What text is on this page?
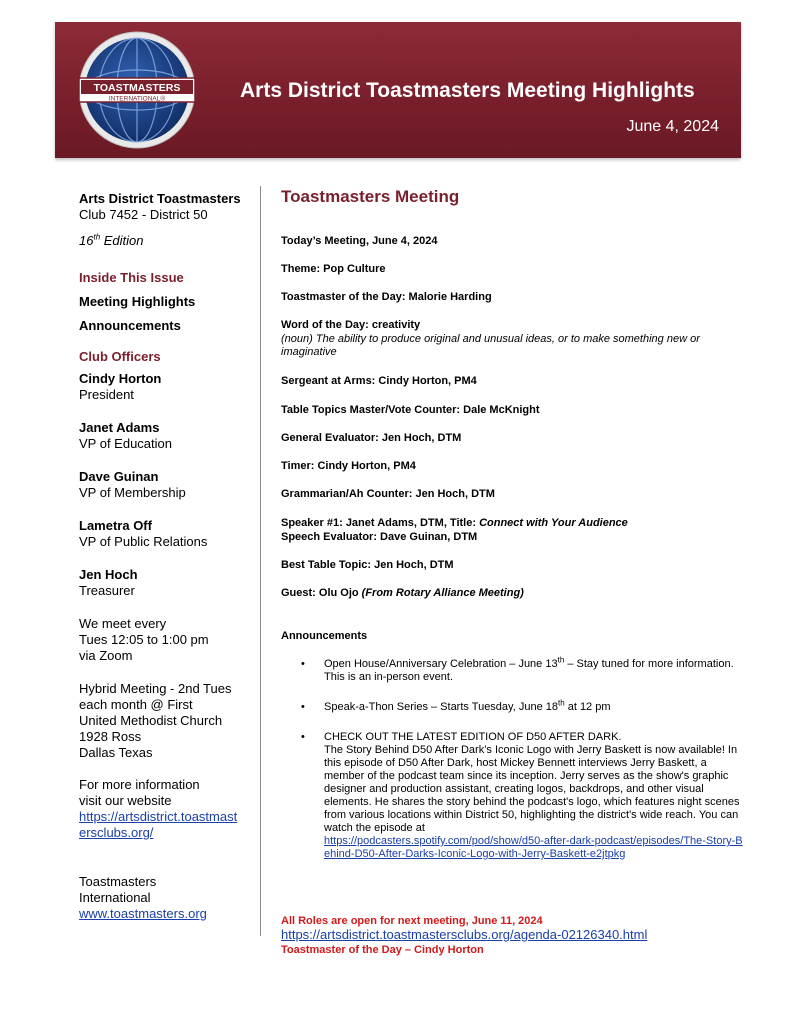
TOASTMASTERS
INTERNATIONAL®	Arts District Toastmasters Meeting Highlights
June 4, 2024
Arts District Toastmasters
Club 7452 - District 50
16th Edition
Inside This Issue
Meeting Highlights
Announcements
Club Officers
Cindy Horton
President
Janet Adams
VP of Education
Dave Guinan
VP of Membership
Lametra Off
VP of Public Relations
Jen Hoch
Treasurer
We meet every
Tues 12:05 to 1:00 pm
via Zoom
Hybrid Meeting - 2nd Tues
each month @ First
United Methodist Church
1928 Ross
Dallas Texas
For more information
visit our website
https://artsdistrict.toastmastersclubs.org/
Toastmasters International
www.toastmasters.org
Toastmasters Meeting
Today’s Meeting, June 4, 2024
Theme: Pop Culture
Toastmaster of the Day: Malorie Harding
Word of the Day: creativity
(noun) The ability to produce original and unusual ideas, or to make something new or imaginative
Sergeant at Arms: Cindy Horton, PM4
Table Topics Master/Vote Counter: Dale McKnight
General Evaluator: Jen Hoch, DTM
Timer: Cindy Horton, PM4
Grammarian/Ah Counter: Jen Hoch, DTM
Speaker #1: Janet Adams, DTM, Title: Connect with Your Audience
Speech Evaluator: Dave Guinan, DTM
Best Table Topic: Jen Hoch, DTM
Guest: Olu Ojo (From Rotary Alliance Meeting)
Announcements
• Open House/Anniversary Celebration – June 13th – Stay tuned for more information. This is an in-person event.
• Speak-a-Thon Series – Starts Tuesday, June 18th at 12 pm
• CHECK OUT THE LATEST EDITION OF D50 AFTER DARK.
The Story Behind D50 After Dark’s Iconic Logo with Jerry Baskett is now available! In this episode of D50 After Dark, host Mickey Bennett interviews Jerry Baskett, a member of the podcast team since its inception. Jerry serves as the show's graphic designer and production assistant, creating logos, backdrops, and other visual elements. He shares the story behind the podcast's logo, which features night scenes from various locations within District 50, highlighting the district's wide reach. You can watch the episode at
https://podcasters.spotify.com/pod/show/d50-after-dark-podcast/episodes/The-Story-Behind-D50-After-Darks-Iconic-Logo-with-Jerry-Baskett-e2jtpkg
All Roles are open for next meeting, June 11, 2024
https://artsdistrict.toastmastersclubs.org/agenda-02126340.html
Toastmaster of the Day – Cindy Horton
